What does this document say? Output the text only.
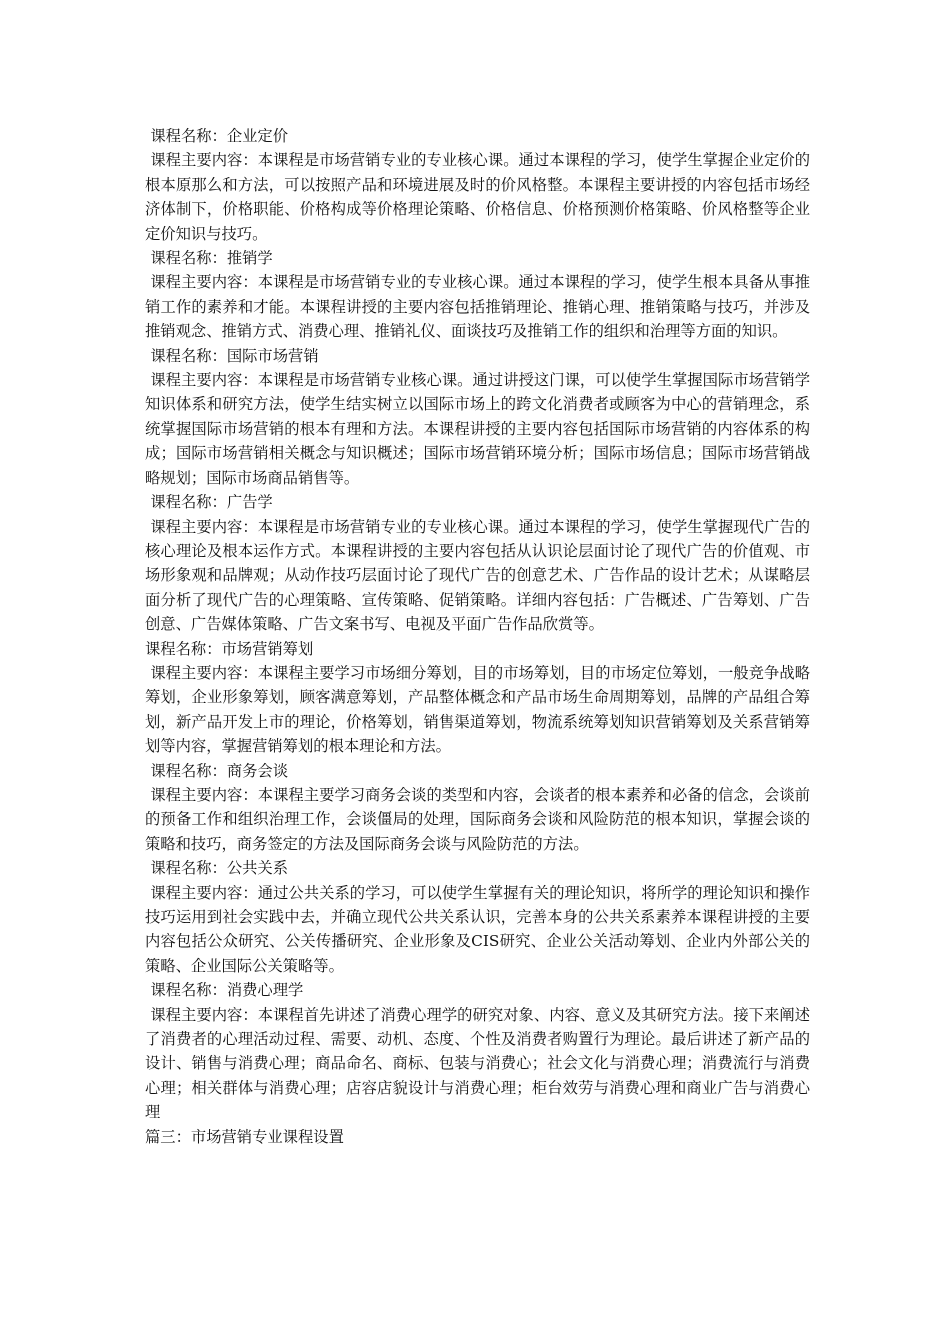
课程名称：企业定价

课程主要内容：本课程是市场营销专业的专业核心课。通过本课程的学习，使学生掌握企业定价的根本原那么和方法，可以按照产品和环境进展及时的价风格整。本课程主要讲授的内容包括市场经济体制下，价格职能、价格构成等价格理论策略、价格信息、价格预测价格策略、价风格整等企业定价知识与技巧。

课程名称：推销学

课程主要内容：本课程是市场营销专业的专业核心课。通过本课程的学习，使学生根本具备从事推销工作的素养和才能。本课程讲授的主要内容包括推销理论、推销心理、推销策略与技巧，并涉及推销观念、推销方式、消费心理、推销礼仪、面谈技巧及推销工作的组织和治理等方面的知识。

课程名称：国际市场营销

课程主要内容：本课程是市场营销专业核心课。通过讲授这门课，可以使学生掌握国际市场营销学知识体系和研究方法，使学生结实树立以国际市场上的跨文化消费者或顾客为中心的营销理念，系统掌握国际市场营销的根本有理和方法。本课程讲授的主要内容包括国际市场营销的内容体系的构成；国际市场营销相关概念与知识概述；国际市场营销环境分析；国际市场信息；国际市场营销战略规划；国际市场商品销售等。

课程名称：广告学

课程主要内容：本课程是市场营销专业的专业核心课。通过本课程的学习，使学生掌握现代广告的核心理论及根本运作方式。本课程讲授的主要内容包括从认识论层面讨论了现代广告的价值观、市场形象观和品牌观；从动作技巧层面讨论了现代广告的创意艺术、广告作品的设计艺术；从谋略层面分析了现代广告的心理策略、宣传策略、促销策略。详细内容包括：广告概述、广告筹划、广告创意、广告媒体策略、广告文案书写、电视及平面广告作品欣赏等。

课程名称：市场营销筹划

课程主要内容：本课程主要学习市场细分筹划，目的市场筹划，目的市场定位筹划，一般竞争战略筹划，企业形象筹划，顾客满意筹划，产品整体概念和产品市场生命周期筹划，品牌的产品组合筹划，新产品开发上市的理论，价格筹划，销售渠道筹划，物流系统筹划知识营销筹划及关系营销筹划等内容，掌握营销筹划的根本理论和方法。

课程名称：商务会谈

课程主要内容：本课程主要学习商务会谈的类型和内容，会谈者的根本素养和必备的信念，会谈前的预备工作和组织治理工作，会谈僵局的处理，国际商务会谈和风险防范的根本知识，掌握会谈的策略和技巧，商务签定的方法及国际商务会谈与风险防范的方法。

课程名称：公共关系

课程主要内容：通过公共关系的学习，可以使学生掌握有关的理论知识，将所学的理论知识和操作技巧运用到社会实践中去，并确立现代公共关系认识，完善本身的公共关系素养本课程讲授的主要内容包括公众研究、公关传播研究、企业形象及CIS研究、企业公关活动筹划、企业内外部公关的策略、企业国际公关策略等。

课程名称：消费心理学

课程主要内容：本课程首先讲述了消费心理学的研究对象、内容、意义及其研究方法。接下来阐述了消费者的心理活动过程、需要、动机、态度、个性及消费者购置行为理论。最后讲述了新产品的设计、销售与消费心理；商品命名、商标、包装与消费心；社会文化与消费心理；消费流行与消费心理；相关群体与消费心理；店容店貌设计与消费心理；柜台效劳与消费心理和商业广告与消费心理

篇三：市场营销专业课程设置
